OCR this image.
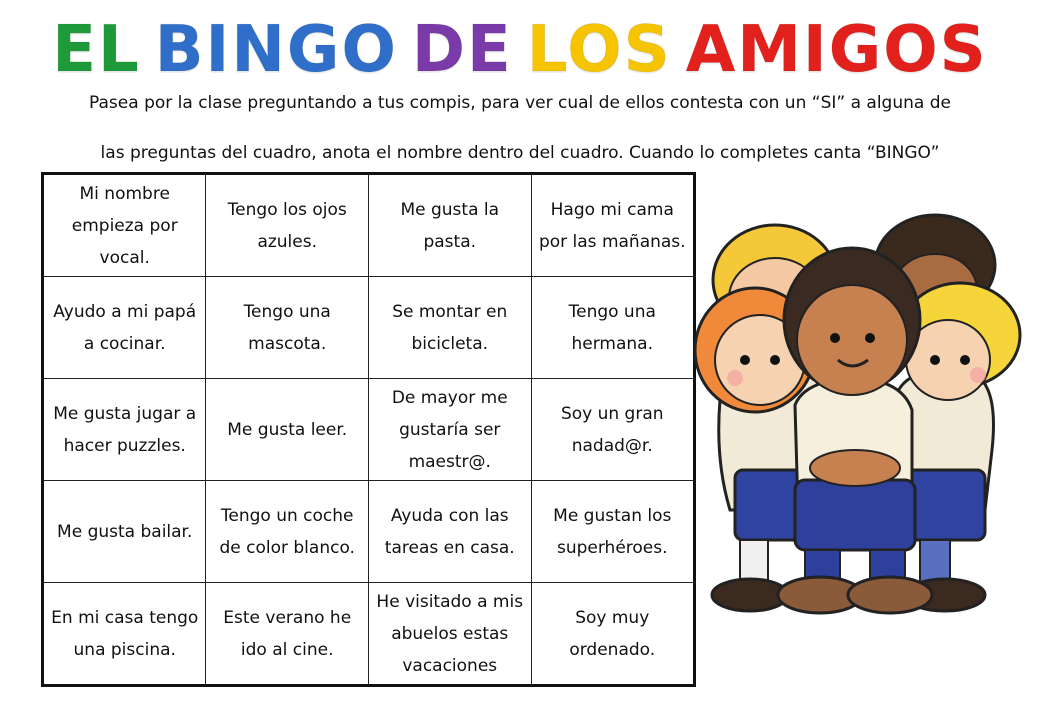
EL BINGO DE LOS AMIGOS
Pasea por la clase preguntando a tus compis, para ver cual de ellos contesta con un “SI” a alguna de
las preguntas del cuadro, anota el nombre dentro del cuadro. Cuando lo completes canta “BINGO”
Mi nombre empieza por vocal.	Tengo los ojos azules.	Me gusta la pasta.	Hago mi cama por las mañanas.
Ayudo a mi papá a cocinar.	Tengo una mascota.	Se montar en bicicleta.	Tengo una hermana.
Me gusta jugar a hacer puzzles.	Me gusta leer.	De mayor me gustaría ser maestr@.	Soy un gran nadad@r.
Me gusta bailar.	Tengo un coche de color blanco.	Ayuda con las tareas en casa.	Me gustan los superhéroes.
En mi casa tengo una piscina.	Este verano he ido al cine.	He visitado a mis abuelos estas vacaciones	Soy muy ordenado.
